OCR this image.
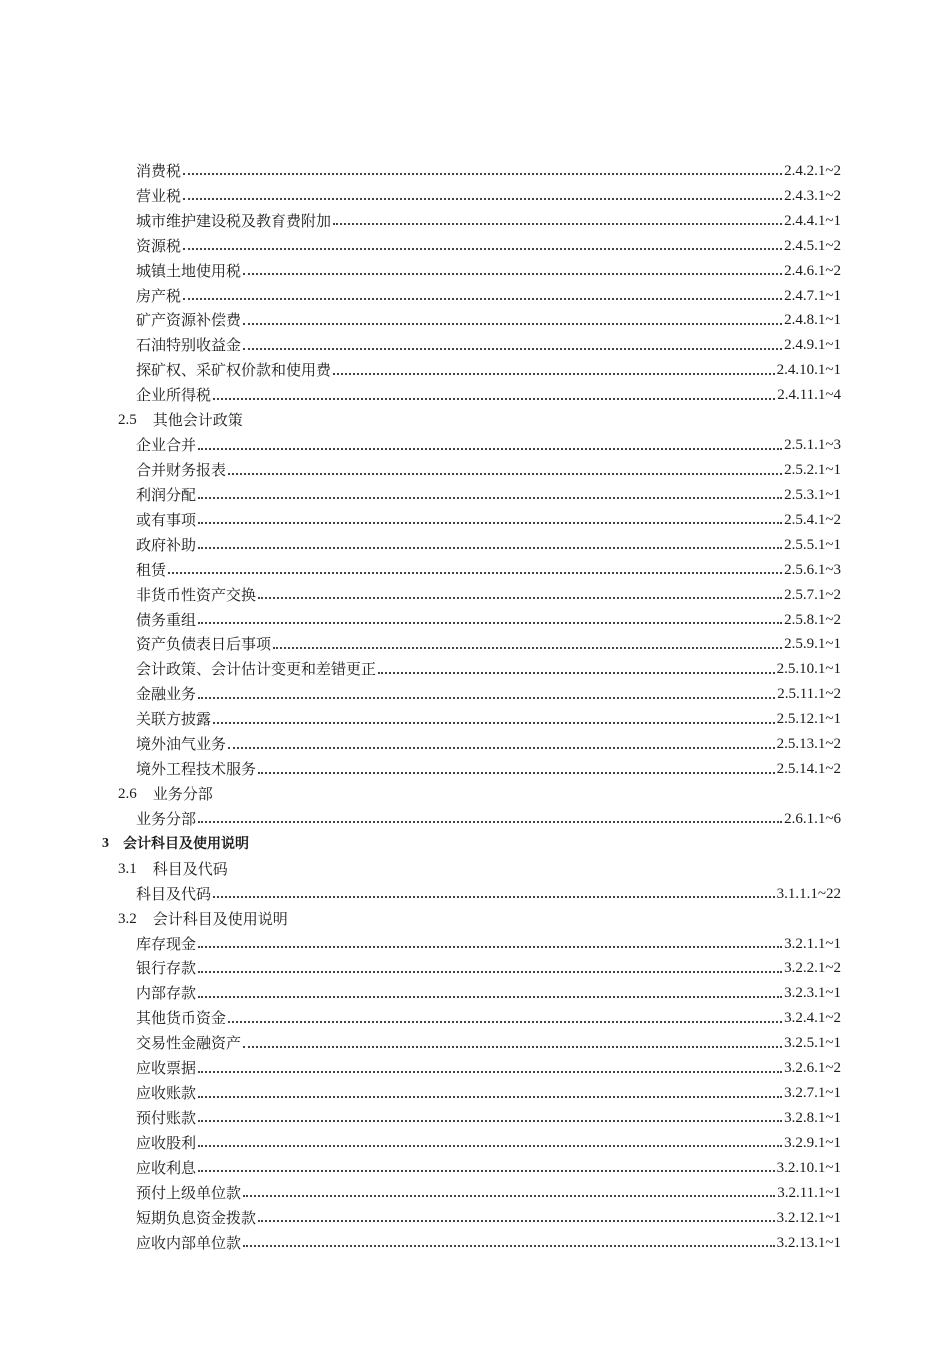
消费税	2.4.2.1~2
营业税	2.4.3.1~2
城市维护建设税及教育费附加	2.4.4.1~1
资源税	2.4.5.1~2
城镇土地使用税	2.4.6.1~2
房产税	2.4.7.1~1
矿产资源补偿费	2.4.8.1~1
石油特别收益金	2.4.9.1~1
探矿权、采矿权价款和使用费	2.4.10.1~1
企业所得税	2.4.11.1~4
2.5 其他会计政策
企业合并	2.5.1.1~3
合并财务报表	2.5.2.1~1
利润分配	2.5.3.1~1
或有事项	2.5.4.1~2
政府补助	2.5.5.1~1
租赁	2.5.6.1~3
非货币性资产交换	2.5.7.1~2
债务重组	2.5.8.1~2
资产负债表日后事项	2.5.9.1~1
会计政策、会计估计变更和差错更正	2.5.10.1~1
金融业务	2.5.11.1~2
关联方披露	2.5.12.1~1
境外油气业务	2.5.13.1~2
境外工程技术服务	2.5.14.1~2
2.6 业务分部
业务分部	2.6.1.1~6
3 会计科目及使用说明
3.1 科目及代码
科目及代码	3.1.1.1~22
3.2 会计科目及使用说明
库存现金	3.2.1.1~1
银行存款	3.2.2.1~2
内部存款	3.2.3.1~1
其他货币资金	3.2.4.1~2
交易性金融资产	3.2.5.1~1
应收票据	3.2.6.1~2
应收账款	3.2.7.1~1
预付账款	3.2.8.1~1
应收股利	3.2.9.1~1
应收利息	3.2.10.1~1
预付上级单位款	3.2.11.1~1
短期负息资金拨款	3.2.12.1~1
应收内部单位款	3.2.13.1~1
